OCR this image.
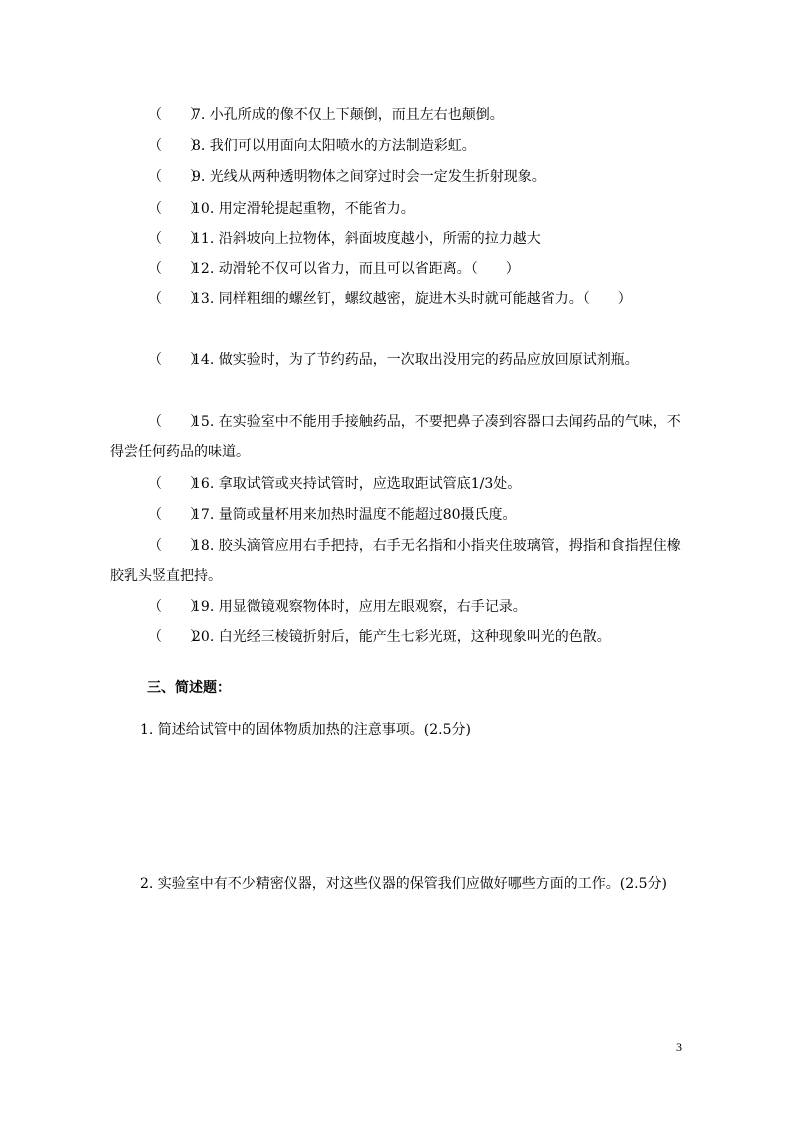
（　　）7. 小孔所成的像不仅上下颠倒，而且左右也颠倒。
（　　）8. 我们可以用面向太阳喷水的方法制造彩虹。
（　　）9. 光线从两种透明物体之间穿过时会一定发生折射现象。
（　　）10. 用定滑轮提起重物，不能省力。
（　　）11. 沿斜坡向上拉物体，斜面坡度越小，所需的拉力越大
（　　）12. 动滑轮不仅可以省力，而且可以省距离。（　　）
（　　）13. 同样粗细的螺丝钉，螺纹越密，旋进木头时就可能越省力。（　　）
（　　）14. 做实验时，为了节约药品，一次取出没用完的药品应放回原试剂瓶。
（　　）15. 在实验室中不能用手接触药品，不要把鼻子凑到容器口去闻药品的气味，不得尝任何药品的味道。
（　　）16. 拿取试管或夹持试管时，应选取距试管底1/3处。
（　　）17. 量筒或量杯用来加热时温度不能超过80摄氏度。
（　　）18. 胶头滴管应用右手把持，右手无名指和小指夹住玻璃管，拇指和食指捏住橡胶乳头竖直把持。
（　　）19. 用显微镜观察物体时，应用左眼观察，右手记录。
（　　）20. 白光经三棱镜折射后，能产生七彩光斑，这种现象叫光的色散。
三、简述题：
1. 简述给试管中的固体物质加热的注意事项。(2.5分)
2. 实验室中有不少精密仪器，对这些仪器的保管我们应做好哪些方面的工作。(2.5分)
3
